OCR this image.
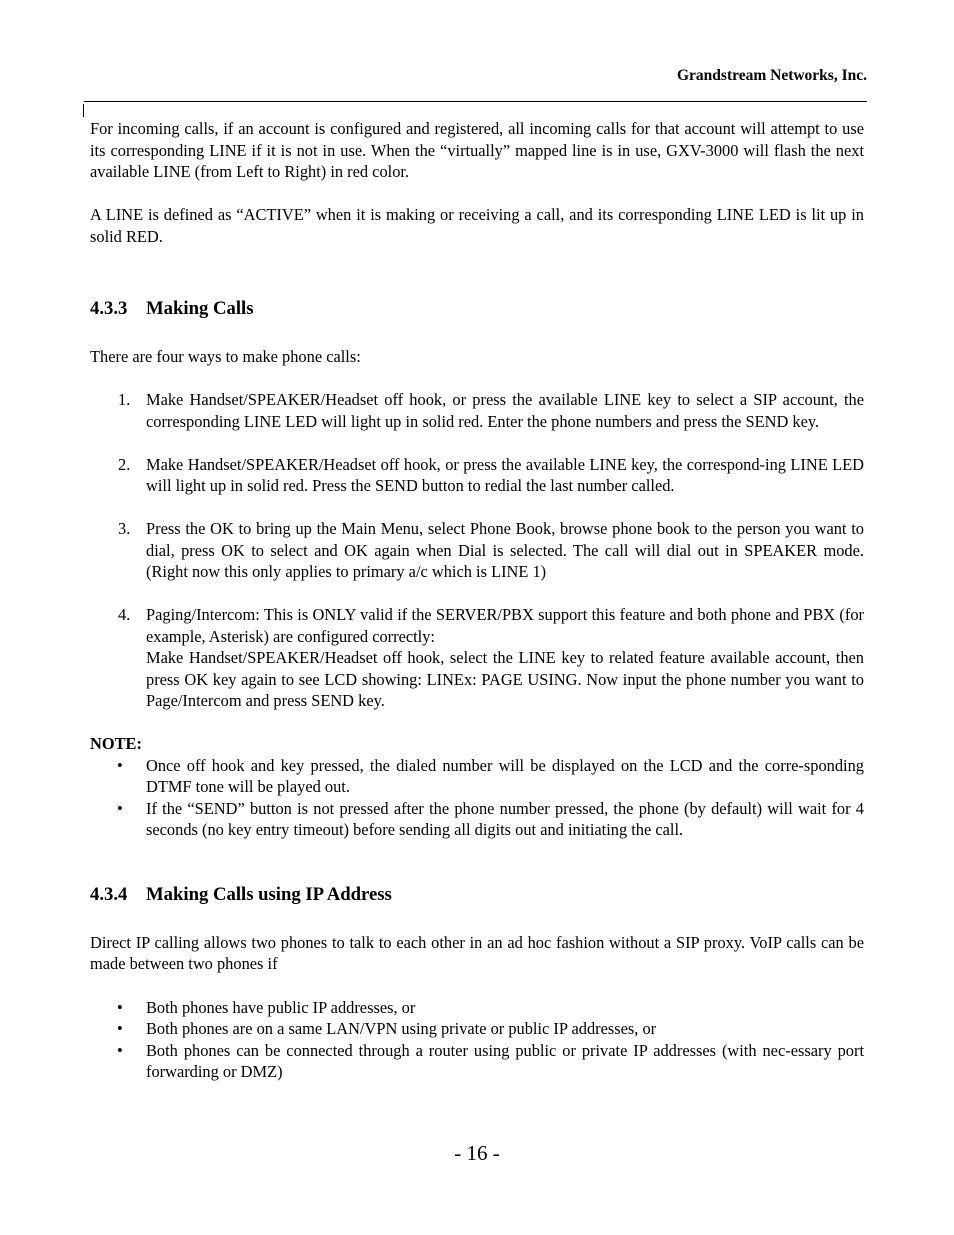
Grandstream Networks, Inc.

For incoming calls, if an account is configured and registered, all incoming calls for that account will attempt to use its corresponding LINE if it is not in use. When the “virtually” mapped line is in use, GXV-3000 will flash the next available LINE (from Left to Right) in red color.

A LINE is defined as “ACTIVE” when it is making or receiving a call, and its corresponding LINE LED is lit up in solid RED.

4.3.3 Making Calls

There are four ways to make phone calls:

1. Make Handset/SPEAKER/Headset off hook, or press the available LINE key to select a SIP account, the corresponding LINE LED will light up in solid red. Enter the phone numbers and press the SEND key.
2. Make Handset/SPEAKER/Headset off hook, or press the available LINE key, the correspond-ing LINE LED will light up in solid red. Press the SEND button to redial the last number called.
3. Press the OK to bring up the Main Menu, select Phone Book, browse phone book to the person you want to dial, press OK to select and OK again when Dial is selected. The call will dial out in SPEAKER mode. (Right now this only applies to primary a/c which is LINE 1)
4. Paging/Intercom: This is ONLY valid if the SERVER/PBX support this feature and both phone and PBX (for example, Asterisk) are configured correctly:
Make Handset/SPEAKER/Headset off hook, select the LINE key to related feature available account, then press OK key again to see LCD showing: LINEx: PAGE USING. Now input the phone number you want to Page/Intercom and press SEND key.

NOTE:

• Once off hook and key pressed, the dialed number will be displayed on the LCD and the corre-sponding DTMF tone will be played out.
• If the “SEND” button is not pressed after the phone number pressed, the phone (by default) will wait for 4 seconds (no key entry timeout) before sending all digits out and initiating the call.
4.3.4 Making Calls using IP Address

Direct IP calling allows two phones to talk to each other in an ad hoc fashion without a SIP proxy. VoIP calls can be made between two phones if

• Both phones have public IP addresses, or
• Both phones are on a same LAN/VPN using private or public IP addresses, or
• Both phones can be connected through a router using public or private IP addresses (with nec-essary port forwarding or DMZ)
- 16 -
